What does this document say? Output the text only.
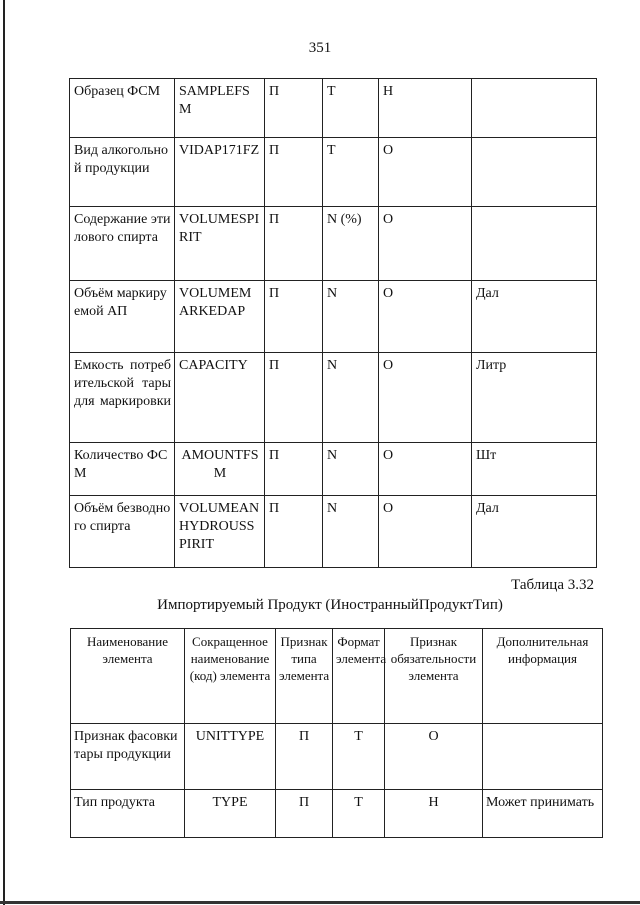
351
Образец ФСМ	SAMPLEFSM	П	Т	Н	
Вид алкогольной продукции	VIDAP171FZ	П	Т	О	
Содержание этилового спирта	VOLUMESPIRIT	П	N (%)	О	
Объём маркируемой АП	VOLUMEMARKEDAP	П	N	О	Дал
Емкость потребительской тары для маркировки	CAPACITY	П	N	О	Литр
Количество ФСМ	AMOUNTFSM	П	N	О	Шт
Объём безводного спирта	VOLUMEANHYDROUSSPIRIT	П	N	О	Дал
Таблица 3.32
Импортируемый Продукт (ИностранныйПродуктТип)
Наименование элемента	Сокращенное наименование (код) элемента	Признак типа элемента	Формат элемента	Признак обязательности элемента	Дополнительная информация
Признак фасовки тары продукции	UNITTYPE	П	Т	О	
Тип продукта	TYPE	П	Т	Н	Может принимать
